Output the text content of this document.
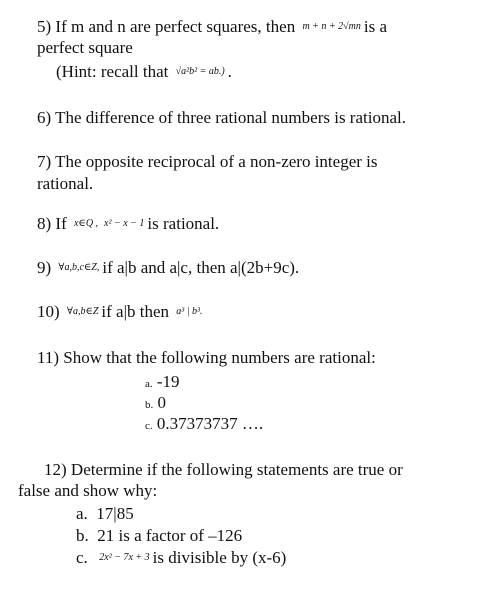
5) If m and n are perfect squares, then m + n + 2√mn is a
perfect square
(Hint: recall that √a²b² = ab.) .
6) The difference of three rational numbers is rational.
7) The opposite reciprocal of a non-zero integer is
rational.
8) If x∈Q , x² − x − 1 is rational.
9) ∀a,b,c∈Z, if a|b and a|c, then a|(2b+9c).
10) ∀a,b∈Z if a|b then a³ | b³.
11) Show that the following numbers are rational:
a. -19
b. 0
c. 0.37373737 ….
12) Determine if the following statements are true or
false and show why:
a. 17|85
b. 21 is a factor of –126
c. 2x² − 7x + 3 is divisible by (x-6)
